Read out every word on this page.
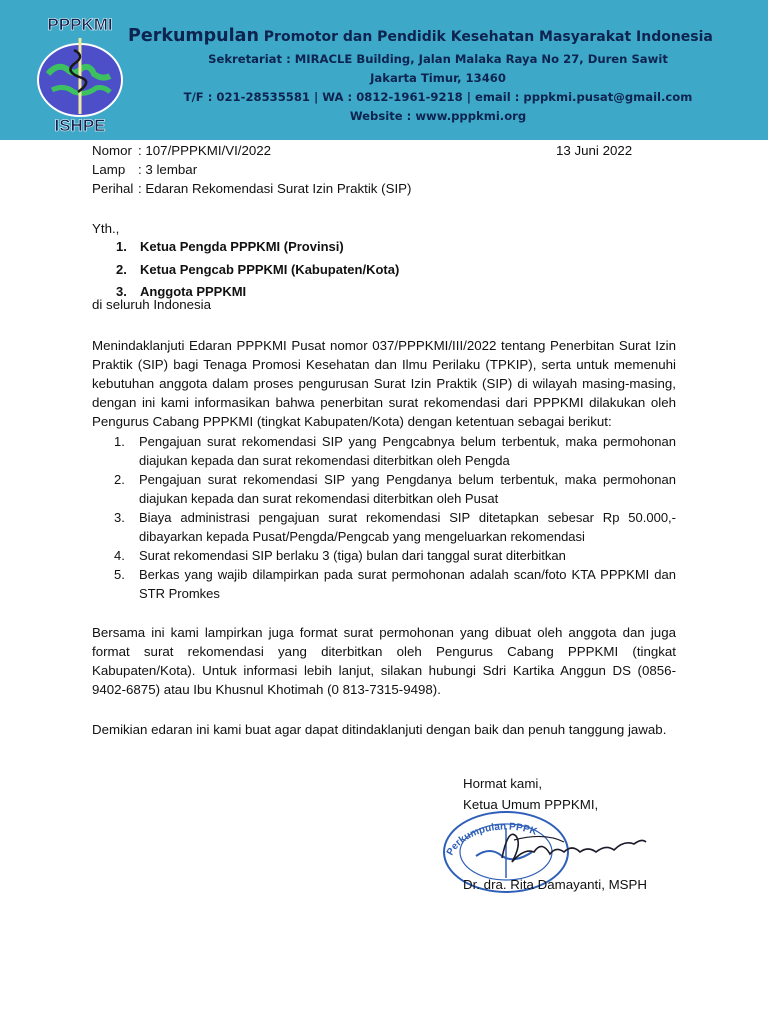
PPPKMI
ISHPE
Perkumpulan Promotor dan Pendidik Kesehatan Masyarakat Indonesia
Sekretariat : MIRACLE Building, Jalan Malaka Raya No 27, Duren Sawit
Jakarta Timur, 13460
T/F : 021-28535581 | WA : 0812-1961-9218 | email : pppkmi.pusat@gmail.com
Website : www.pppkmi.org
Nomor : 107/PPPKMI/VI/2022	13 Juni 2022
Lamp : 3 lembar
Perihal : Edaran Rekomendasi Surat Izin Praktik (SIP)
Yth.,
1. Ketua Pengda PPPKMI (Provinsi)
2. Ketua Pengcab PPPKMI (Kabupaten/Kota)
3. Anggota PPPKMI
di seluruh Indonesia
Menindaklanjuti Edaran PPPKMI Pusat nomor 037/PPPKMI/III/2022 tentang Penerbitan Surat Izin Praktik (SIP) bagi Tenaga Promosi Kesehatan dan Ilmu Perilaku (TPKIP), serta untuk memenuhi kebutuhan anggota dalam proses pengurusan Surat Izin Praktik (SIP) di wilayah masing-masing, dengan ini kami informasikan bahwa penerbitan surat rekomendasi dari PPPKMI dilakukan oleh Pengurus Cabang PPPKMI (tingkat Kabupaten/Kota) dengan ketentuan sebagai berikut:
1. Pengajuan surat rekomendasi SIP yang Pengcabnya belum terbentuk, maka permohonan diajukan kepada dan surat rekomendasi diterbitkan oleh Pengda
2. Pengajuan surat rekomendasi SIP yang Pengdanya belum terbentuk, maka permohonan diajukan kepada dan surat rekomendasi diterbitkan oleh Pusat
3. Biaya administrasi pengajuan surat rekomendasi SIP ditetapkan sebesar Rp 50.000,- dibayarkan kepada Pusat/Pengda/Pengcab yang mengeluarkan rekomendasi
4. Surat rekomendasi SIP berlaku 3 (tiga) bulan dari tanggal surat diterbitkan
5. Berkas yang wajib dilampirkan pada surat permohonan adalah scan/foto KTA PPPKMI dan STR Promkes
Bersama ini kami lampirkan juga format surat permohonan yang dibuat oleh anggota dan juga format surat rekomendasi yang diterbitkan oleh Pengurus Cabang PPPKMI (tingkat Kabupaten/Kota). Untuk informasi lebih lanjut, silakan hubungi Sdri Kartika Anggun DS (0856-9402-6875) atau Ibu Khusnul Khotimah (0 813-7315-9498).
Demikian edaran ini kami buat agar dapat ditindaklanjuti dengan baik dan penuh tanggung jawab.
Hormat kami,
Ketua Umum PPPKMI,
Perkumpulan PPPK
Dr. dra. Rita Damayanti, MSPH
